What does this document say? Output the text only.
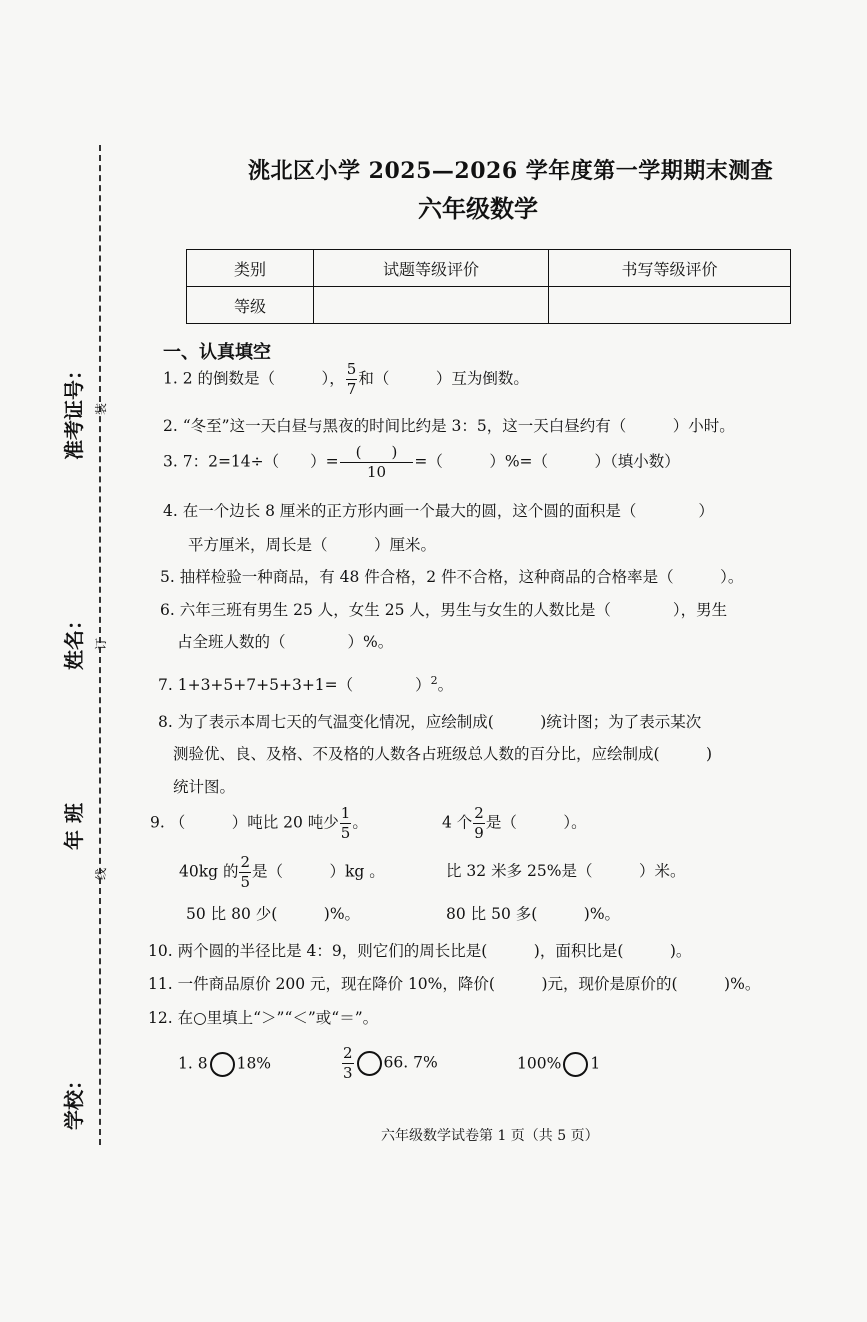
洮北区小学 2025—2026 学年度第一学期期末测查
六年级数学
类别	试题等级评价	书写等级评价
等级		
准考证号：
姓名：
年 班
学校：
装
订
线
一、认真填空
1. 2 的倒数是（　　　）， $\frac{5}{7}$ 和（　　　）互为倒数。
2. “冬至”这一天白昼与黑夜的时间比约是 3：5，这一天白昼约有（　　　）小时。
3. 7：2=14÷（　　）= $\frac{( )}{10}$ =（　　　）%=（　　　）（填小数）
4. 在一个边长 8 厘米的正方形内画一个最大的圆，这个圆的面积是（　　　　）
平方厘米，周长是（　　　）厘米。
5. 抽样检验一种商品，有 48 件合格，2 件不合格，这种商品的合格率是（　　　）。
6. 六年三班有男生 25 人，女生 25 人，男生与女生的人数比是（　　　　），男生
占全班人数的（　　　　）%。
7. 1+3+5+7+5+3+1=（　　　　）$^2$。
8. 为了表示本周七天的气温变化情况，应绘制成(　　　)统计图；为了表示某次
测验优、良、及格、不及格的人数各占班级总人数的百分比，应绘制成(　　　)
统计图。
9. （　　　）吨比 20 吨少 $\frac{1}{5}$ 。	4 个 $\frac{2}{9}$ 是（　　　）。
40kg 的 $\frac{2}{5}$ 是（　　　）kg 。	比 32 米多 25%是（　　　）米。
50 比 80 少(　　　)%。	80 比 50 多(　　　)%。
10. 两个圆的半径比是 4：9，则它们的周长比是(　　　)，面积比是(　　　)。
11. 一件商品原价 200 元，现在降价 10%，降价(　　　)元，现价是原价的(　　　)%。
12. 在○里填上“＞”“＜”或“＝”。
1. 8 18%	$\frac{2}{3} 66$. 7%	100% 1
六年级数学试卷第 1 页（共 5 页）
